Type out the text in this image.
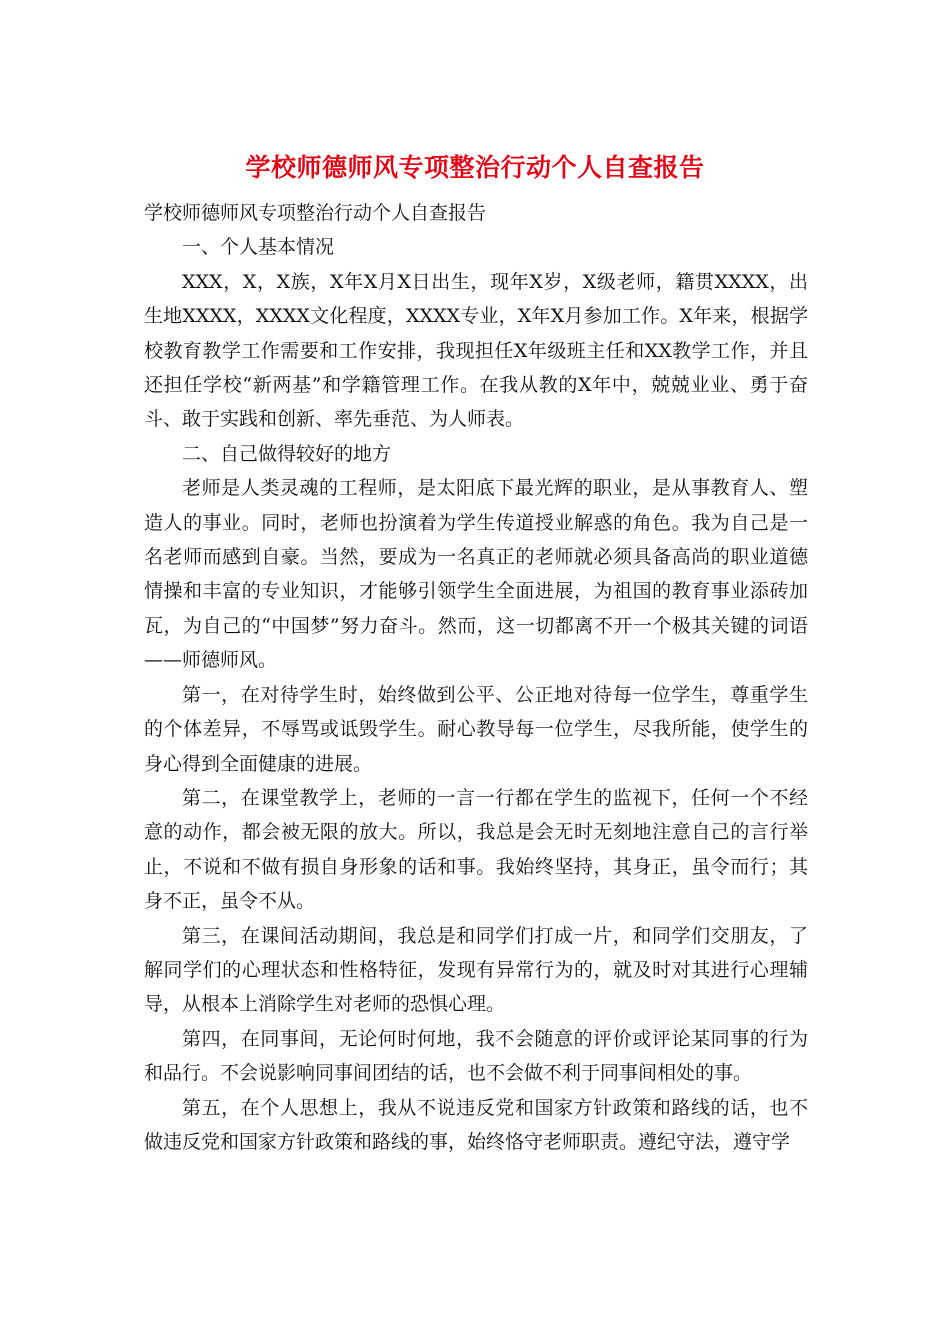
学校师德师风专项整治行动个人自查报告

学校师德师风专项整治行动个人自查报告

一、个人基本情况

XXX，X，X族，X年X月X日出生，现年X岁，X级老师，籍贯XXXX，出生地XXXX，XXXX文化程度，XXXX专业，X年X月参加工作。X年来，根据学校教育教学工作需要和工作安排，我现担任X年级班主任和XX教学工作，并且还担任学校“新两基”和学籍管理工作。在我从教的X年中，兢兢业业、勇于奋斗、敢于实践和创新、率先垂范、为人师表。

二、自己做得较好的地方

老师是人类灵魂的工程师，是太阳底下最光辉的职业，是从事教育人、塑造人的事业。同时，老师也扮演着为学生传道授业解惑的角色。我为自己是一名老师而感到自豪。当然，要成为一名真正的老师就必须具备高尚的职业道德情操和丰富的专业知识，才能够引领学生全面进展，为祖国的教育事业添砖加瓦，为自己的“中国梦”努力奋斗。然而，这一切都离不开一个极其关键的词语——师德师风。

第一，在对待学生时，始终做到公平、公正地对待每一位学生，尊重学生的个体差异，不辱骂或诋毁学生。耐心教导每一位学生，尽我所能，使学生的身心得到全面健康的进展。

第二，在课堂教学上，老师的一言一行都在学生的监视下，任何一个不经意的动作，都会被无限的放大。所以，我总是会无时无刻地注意自己的言行举止，不说和不做有损自身形象的话和事。我始终坚持，其身正，虽令而行；其身不正，虽令不从。

第三，在课间活动期间，我总是和同学们打成一片，和同学们交朋友，了解同学们的心理状态和性格特征，发现有异常行为的，就及时对其进行心理辅导，从根本上消除学生对老师的恐惧心理。

第四，在同事间，无论何时何地，我不会随意的评价或评论某同事的行为和品行。不会说影响同事间团结的话，也不会做不利于同事间相处的事。

第五，在个人思想上，我从不说违反党和国家方针政策和路线的话，也不做违反党和国家方针政策和路线的事，始终恪守老师职责。遵纪守法，遵守学
